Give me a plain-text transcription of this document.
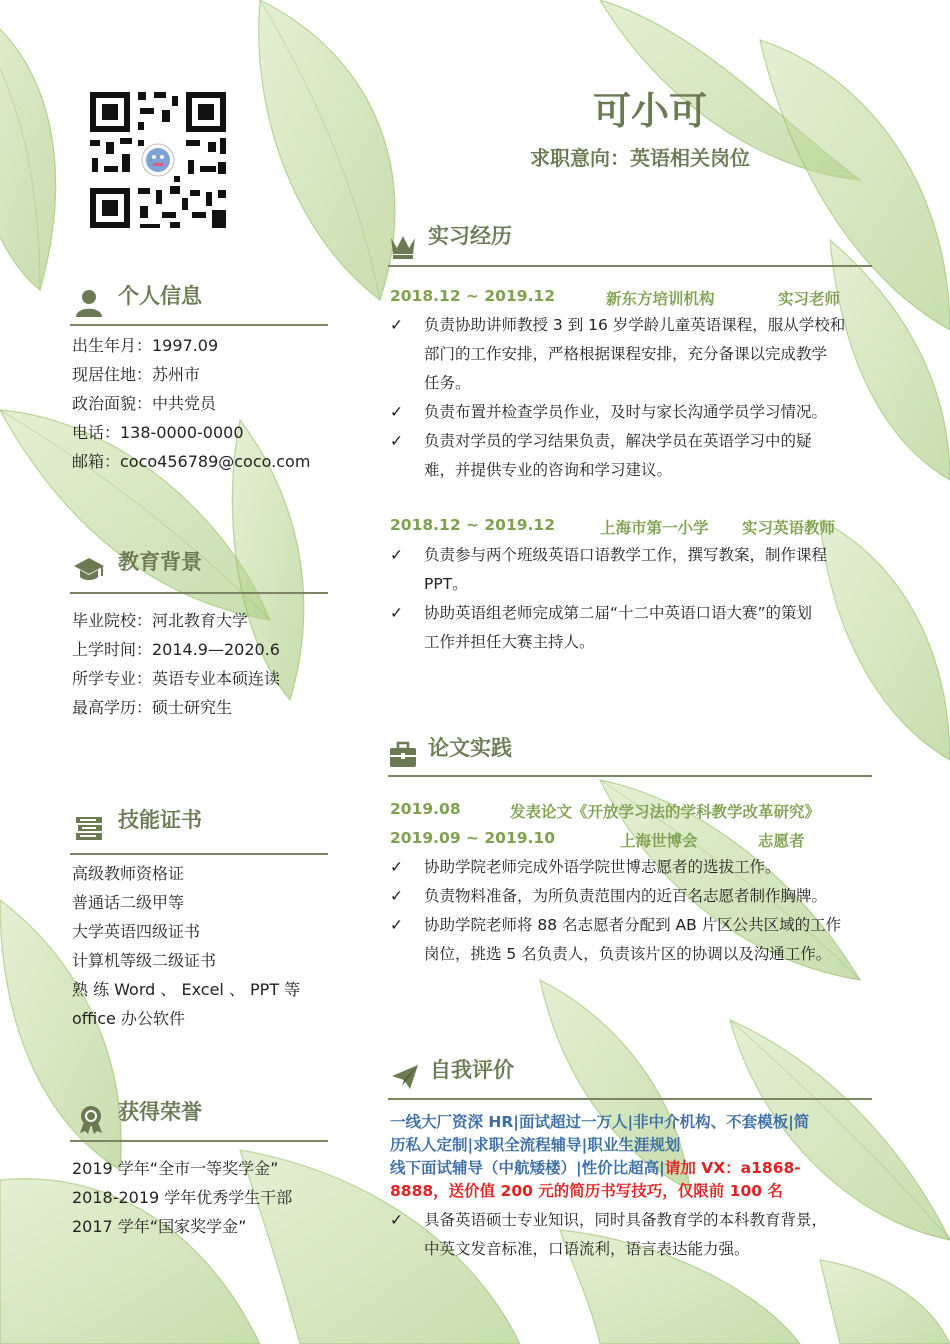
可小可
求职意向：英语相关岗位
个人信息
出生年月：1997.09
现居住地：苏州市
政治面貌：中共党员
电话：138-0000-0000
邮箱：coco456789@coco.com
教育背景
毕业院校：河北教育大学
上学时间：2014.9—2020.6
所学专业：英语专业本硕连读
最高学历：硕士研究生
技能证书
高级教师资格证
普通话二级甲等
大学英语四级证书
计算机等级二级证书
熟 练 Word 、 Excel 、 PPT 等
office 办公软件
获得荣誉
2019 学年“全市一等奖学金”
2018-2019 学年优秀学生干部
2017 学年“国家奖学金”
实习经历
2018.12 ~ 2019.12	新东方培训机构	实习老师
✓ 负责协助讲师教授 3 到 16 岁学龄儿童英语课程，服从学校和
部门的工作安排，严格根据课程安排，充分备课以完成教学
任务。
✓ 负责布置并检查学员作业，及时与家长沟通学员学习情况。
✓ 负责对学员的学习结果负责，解决学员在英语学习中的疑
难，并提供专业的咨询和学习建议。
2018.12 ~ 2019.12	上海市第一小学 实习英语教师
✓ 负责参与两个班级英语口语教学工作，撰写教案，制作课程
PPT。
✓ 协助英语组老师完成第二届“十二中英语口语大赛”的策划
工作并担任大赛主持人。
论文实践
2019.08	发表论文《开放学习法的学科教学改革研究》
2019.09 ~ 2019.10	上海世博会	志愿者
✓ 协助学院老师完成外语学院世博志愿者的选拔工作。
✓ 负责物料准备，为所负责范围内的近百名志愿者制作胸牌。
✓ 协助学院老师将 88 名志愿者分配到 AB 片区公共区域的工作
岗位，挑选 5 名负责人，负责该片区的协调以及沟通工作。
自我评价
一线大厂资深 HR|面试超过一万人|非中介机构、不套模板|简
历私人定制|求职全流程辅导|职业生涯规划
线下面试辅导（中航矮楼）|性价比超高|请加 VX：a1868-
8888，送价值 200 元的简历书写技巧，仅限前 100 名
✓ 具备英语硕士专业知识，同时具备教育学的本科教育背景，
中英文发音标准，口语流利，语言表达能力强。
